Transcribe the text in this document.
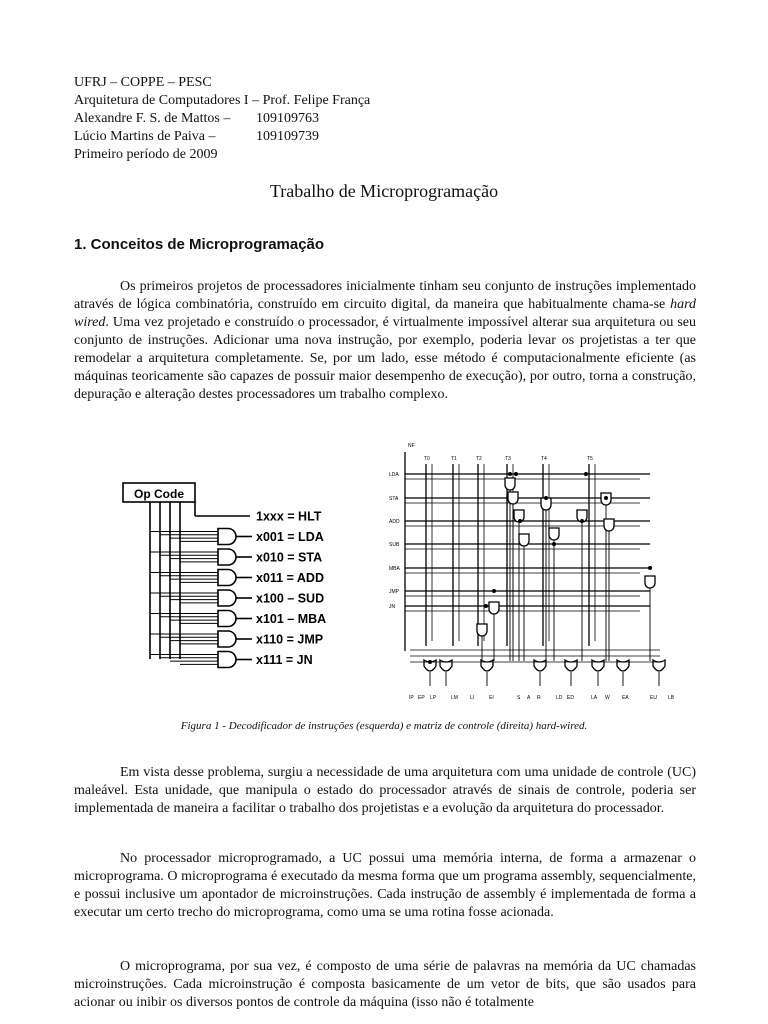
UFRJ – COPPE – PESC
Arquitetura de Computadores I – Prof. Felipe França
Alexandre F. S. de Mattos – 109109763
Lúcio Martins de Paiva –	109109739
Primeiro período de 2009
Trabalho de Microprogramação
1. Conceitos de Microprogramação

Os primeiros projetos de processadores inicialmente tinham seu conjunto de instruções implementado através de lógica combinatória, construído em circuito digital, da maneira que habitualmente chama-se hard wired. Uma vez projetado e construído o processador, é virtualmente impossível alterar sua arquitetura ou seu conjunto de instruções. Adicionar uma nova instrução, por exemplo, poderia levar os projetistas a ter que remodelar a arquitetura completamente. Se, por um lado, esse método é computacionalmente eficiente (as máquinas teoricamente são capazes de possuir maior desempenho de execução), por outro, torna a construção, depuração e alteração destes processadores um trabalho complexo.

Op Code
1xxx = HLT
x001 = LDA
x010 = STA
x011 = ADD
x100 – SUD
x101 – MBA
x110 = JMP
x111 = JN
NF
T0	T1	T2	T3	T4	T5
LDA
STA
ADD
SUB
MBA
JMP
JN
IP EP LP	LM LI	EI	S A R	LD ED	LA W EA	EU LB
Figura 1 - Decodificador de instruções (esquerda) e matriz de controle (direita) hard-wired.

Em vista desse problema, surgiu a necessidade de uma arquitetura com uma unidade de controle (UC) maleável. Esta unidade, que manipula o estado do processador através de sinais de controle, poderia ser implementada de maneira a facilitar o trabalho dos projetistas e a evolução da arquitetura do processador.

No processador microprogramado, a UC possui uma memória interna, de forma a armazenar o microprograma. O microprograma é executado da mesma forma que um programa assembly, sequencialmente, e possui inclusive um apontador de microinstruções. Cada instrução de assembly é implementada de forma a executar um certo trecho do microprograma, como uma se uma rotina fosse acionada.

O microprograma, por sua vez, é composto de uma série de palavras na memória da UC chamadas microinstruções. Cada microinstrução é composta basicamente de um vetor de bits, que são usados para acionar ou inibir os diversos pontos de controle da máquina (isso não é totalmente
